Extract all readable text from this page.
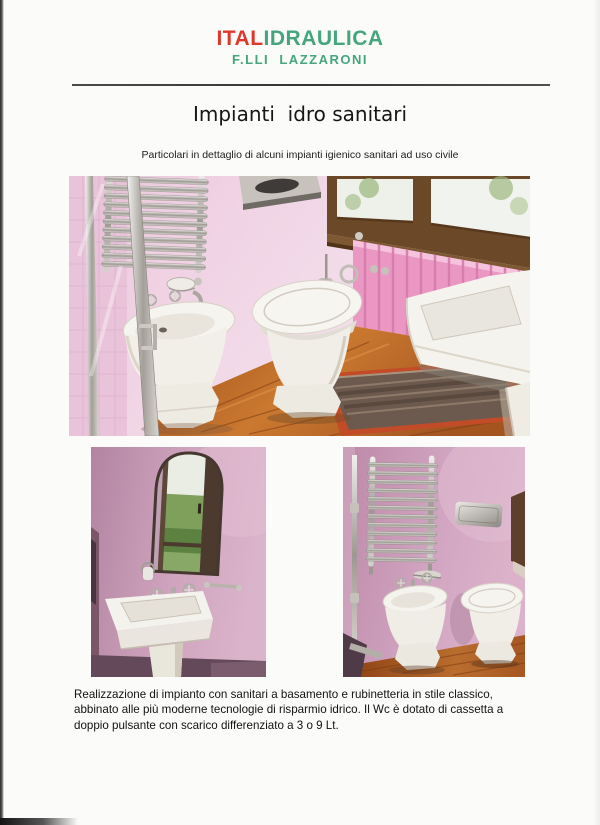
ITALIDRAULICA
F.LLI  LAZZARONI
Impianti  idro sanitari
Particolari in dettaglio di alcuni impianti igienico sanitari ad uso civile
Realizzazione di impianto con sanitari a basamento e rubinetteria in stile classico,
abbinato alle più moderne tecnologie di risparmio idrico. Il Wc è dotato di cassetta a
doppio pulsante con scarico differenziato a 3 o 9 Lt.
